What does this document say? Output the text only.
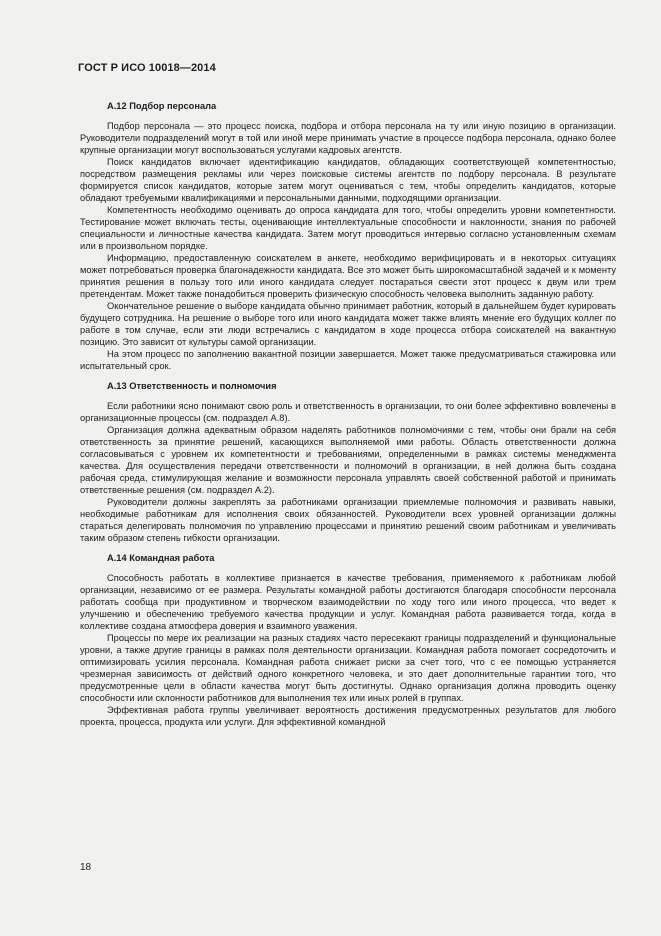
ГОСТ Р ИСО 10018—2014
А.12 Подбор персонала

Подбор персонала — это процесс поиска, подбора и отбора персонала на ту или иную позицию в организации. Руководители подразделений могут в той или иной мере принимать участие в процессе подбора персонала, однако более крупные организации могут воспользоваться услугами кадровых агентств.

Поиск кандидатов включает идентификацию кандидатов, обладающих соответствующей компетентностью, посредством размещения рекламы или через поисковые системы агентств по подбору персонала. В результате формируется список кандидатов, которые затем могут оцениваться с тем, чтобы определить кандидатов, которые обладают требуемыми квалификациями и персональными данными, подходящими организации.

Компетентность необходимо оценивать до опроса кандидата для того, чтобы определить уровни компетентности. Тестирование может включать тесты, оценивающие интеллектуальные способности и наклонности, знания по рабочей специальности и личностные качества кандидата. Затем могут проводиться интервью согласно установленным схемам или в произвольном порядке.

Информацию, предоставленную соискателем в анкете, необходимо верифицировать и в некоторых ситуациях может потребоваться проверка благонадежности кандидата. Все это может быть широкомасштабной задачей и к моменту принятия решения в пользу того или иного кандидата следует постараться свести этот процесс к двум или трем претендентам. Может также понадобиться проверить физическую способность человека выполнить заданную работу.

Окончательное решение о выборе кандидата обычно принимает работник, который в дальнейшем будет курировать будущего сотрудника. На решение о выборе того или иного кандидата может также влиять мнение его будущих коллег по работе в том случае, если эти люди встречались с кандидатом в ходе процесса отбора соискателей на вакантную позицию. Это зависит от культуры самой организации.

На этом процесс по заполнению вакантной позиции завершается. Может также предусматриваться стажировка или испытательный срок.

А.13 Ответственность и полномочия

Если работники ясно понимают свою роль и ответственность в организации, то они более эффективно вовлечены в организационные процессы (см. подраздел А.8).

Организация должна адекватным образом наделять работников полномочиями с тем, чтобы они брали на себя ответственность за принятие решений, касающихся выполняемой ими работы. Область ответственности должна согласовываться с уровнем их компетентности и требованиями, определенными в рамках системы менеджмента качества. Для осуществления передачи ответственности и полномочий в организации, в ней должна быть создана рабочая среда, стимулирующая желание и возможности персонала управлять своей собственной работой и принимать ответственные решения (см. подраздел А.2).

Руководители должны закреплять за работниками организации приемлемые полномочия и развивать навыки, необходимые работникам для исполнения своих обязанностей. Руководители всех уровней организации должны стараться делегировать полномочия по управлению процессами и принятию решений своим работникам и увеличивать таким образом степень гибкости организации.

А.14 Командная работа

Способность работать в коллективе признается в качестве требования, применяемого к работникам любой организации, независимо от ее размера. Результаты командной работы достигаются благодаря способности персонала работать сообща при продуктивном и творческом взаимодействии по ходу того или иного процесса, что ведет к улучшению и обеспечению требуемого качества продукции и услуг. Командная работа развивается тогда, когда в коллективе создана атмосфера доверия и взаимного уважения.

Процессы по мере их реализации на разных стадиях часто пересекают границы подразделений и функциональные уровни, а также другие границы в рамках поля деятельности организации. Командная работа помогает сосредоточить и оптимизировать усилия персонала. Командная работа снижает риски за счет того, что с ее помощью устраняется чрезмерная зависимость от действий одного конкретного человека, и это дает дополнительные гарантии того, что предусмотренные цели в области качества могут быть достигнуты. Однако организация должна проводить оценку способности или склонности работников для выполнения тех или иных ролей в группах.

Эффективная работа группы увеличивает вероятность достижения предусмотренных результатов для любого проекта, процесса, продукта или услуги. Для эффективной командной

18
